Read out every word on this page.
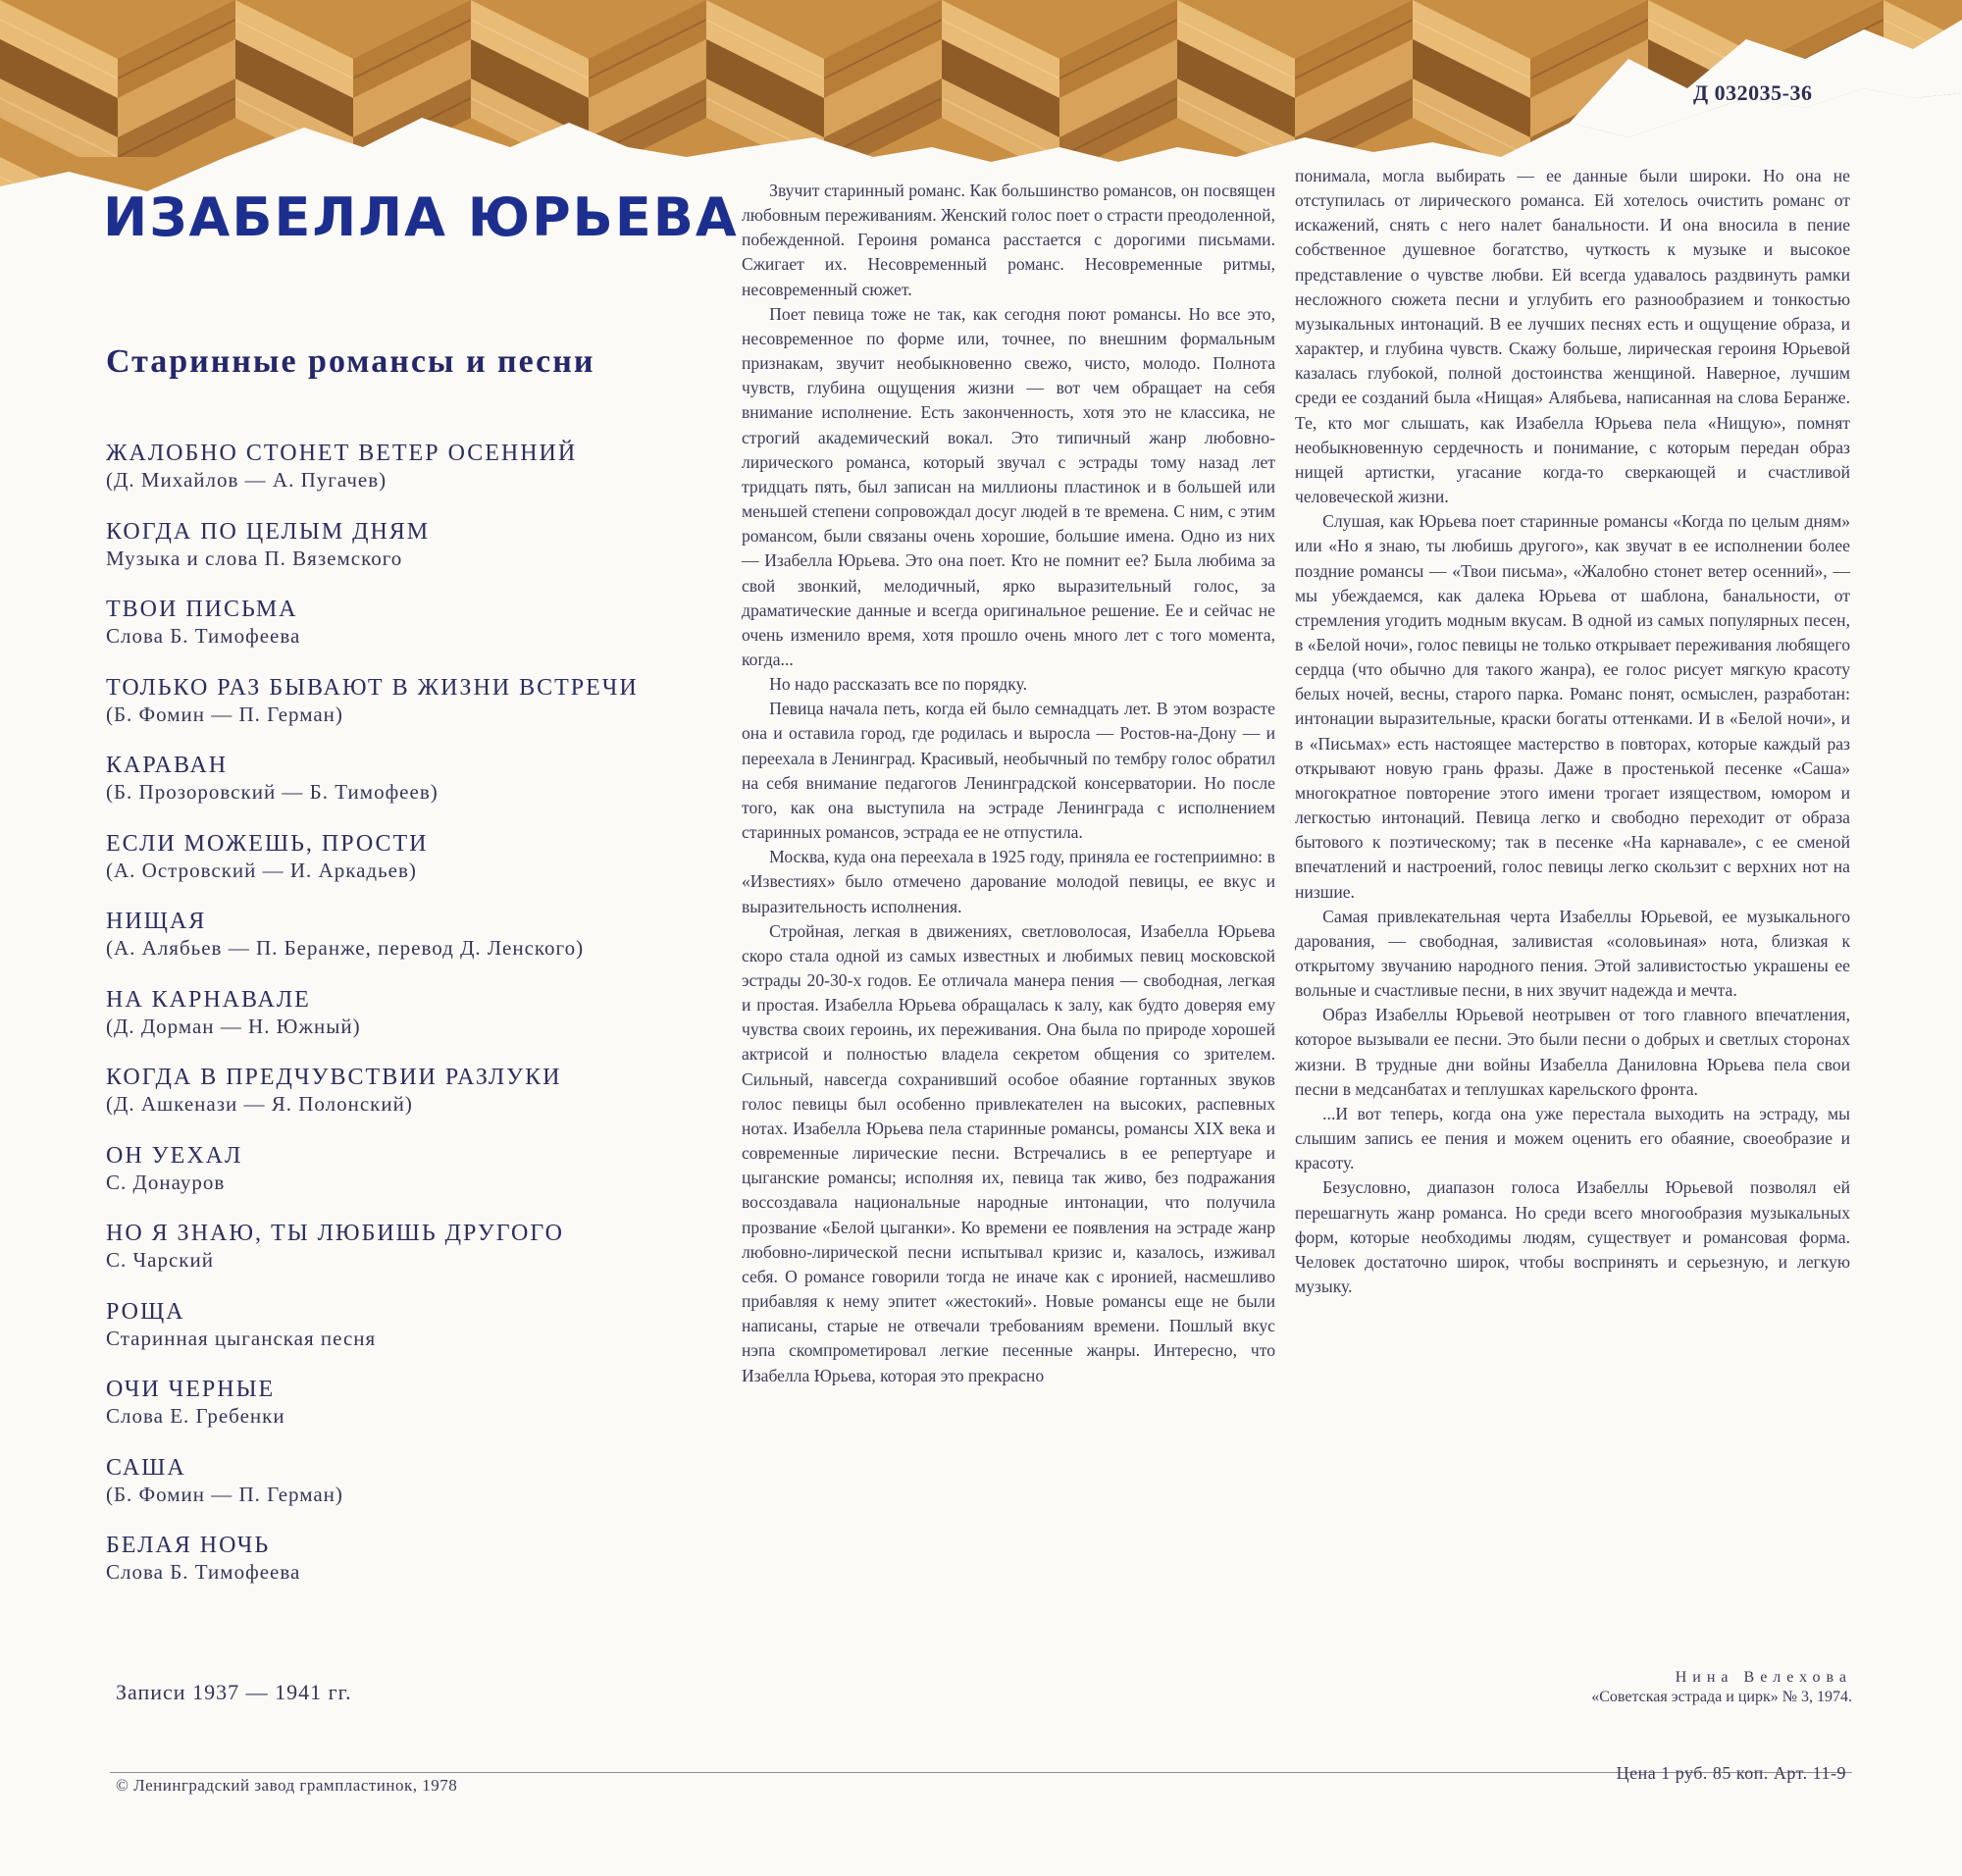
Д 032035-36
ИЗАБЕЛЛА ЮРЬЕВА
Старинные романсы и песни
ЖАЛОБНО СТОНЕТ ВЕТЕР ОСЕННИЙ
(Д. Михайлов — А. Пугачев)
КОГДА ПО ЦЕЛЫМ ДНЯМ
Музыка и слова П. Вяземского
ТВОИ ПИСЬМА
Слова Б. Тимофеева
ТОЛЬКО РАЗ БЫВАЮТ В ЖИЗНИ ВСТРЕЧИ
(Б. Фомин — П. Герман)
КАРАВАН
(Б. Прозоровский — Б. Тимофеев)
ЕСЛИ МОЖЕШЬ, ПРОСТИ
(А. Островский — И. Аркадьев)
НИЩАЯ
(А. Алябьев — П. Беранже, перевод Д. Ленского)
НА КАРНАВАЛЕ
(Д. Дорман — Н. Южный)
КОГДА В ПРЕДЧУВСТВИИ РАЗЛУКИ
(Д. Ашкенази — Я. Полонский)
ОН УЕХАЛ
С. Донауров
НО Я ЗНАЮ, ТЫ ЛЮБИШЬ ДРУГОГО
С. Чарский
РОЩА
Старинная цыганская песня
ОЧИ ЧЕРНЫЕ
Слова Е. Гребенки
САША
(Б. Фомин — П. Герман)
БЕЛАЯ НОЧЬ
Слова Б. Тимофеева
Записи 1937 — 1941 гг.

Звучит старинный романс. Как большинство романсов, он посвящен любовным переживаниям. Женский голос поет о страсти преодоленной, побежденной. Героиня романса расстается с дорогими письмами. Сжигает их. Несовременный романс. Несовременные ритмы, несовременный сюжет.

Поет певица тоже не так, как сегодня поют романсы. Но все это, несовременное по форме или, точнее, по внешним формальным признакам, звучит необыкновенно свежо, чисто, молодо. Полнота чувств, глубина ощущения жизни — вот чем обращает на себя внимание исполнение. Есть законченность, хотя это не классика, не строгий академический вокал. Это типичный жанр любовно-лирического романса, который звучал с эстрады тому назад лет тридцать пять, был записан на миллионы пластинок и в большей или меньшей степени сопровождал досуг людей в те времена. С ним, с этим романсом, были связаны очень хорошие, большие имена. Одно из них — Изабелла Юрьева. Это она поет. Кто не помнит ее? Была любима за свой звонкий, мелодичный, ярко выразительный голос, за драматические данные и всегда оригинальное решение. Ее и сейчас не очень изменило время, хотя прошло очень много лет с того момента, когда...

Но надо рассказать все по порядку.

Певица начала петь, когда ей было семнадцать лет. В этом возрасте она и оставила город, где родилась и выросла — Ростов-на-Дону — и переехала в Ленинград. Красивый, необычный по тембру голос обратил на себя внимание педагогов Ленинградской консерватории. Но после того, как она выступила на эстраде Ленинграда с исполнением старинных романсов, эстрада ее не отпустила.

Москва, куда она переехала в 1925 году, приняла ее гостеприимно: в «Известиях» было отмечено дарование молодой певицы, ее вкус и выразительность исполнения.

Стройная, легкая в движениях, светловолосая, Изабелла Юрьева скоро стала одной из самых известных и любимых певиц московской эстрады 20-30-х годов. Ее отличала манера пения — свободная, легкая и простая. Изабелла Юрьева обращалась к залу, как будто доверяя ему чувства своих героинь, их переживания. Она была по природе хорошей актрисой и полностью владела секретом общения со зрителем. Сильный, навсегда сохранивший особое обаяние гортанных звуков голос певицы был особенно привлекателен на высоких, распевных нотах. Изабелла Юрьева пела старинные романсы, романсы XIX века и современные лирические песни. Встречались в ее репертуаре и цыганские романсы; исполняя их, певица так живо, без подражания воссоздавала национальные народные интонации, что получила прозвание «Белой цыганки». Ко времени ее появления на эстраде жанр любовно-лирической песни испытывал кризис и, казалось, изживал себя. О романсе говорили тогда не иначе как с иронией, насмешливо прибавляя к нему эпитет «жестокий». Новые романсы еще не были написаны, старые не отвечали требованиям времени. Пошлый вкус нэпа скомпрометировал легкие песенные жанры. Интересно, что Изабелла Юрьева, которая это прекрасно

понимала, могла выбирать — ее данные были широки. Но она не отступилась от лирического романса. Ей хотелось очистить романс от искажений, снять с него налет банальности. И она вносила в пение собственное душевное богатство, чуткость к музыке и высокое представление о чувстве любви. Ей всегда удавалось раздвинуть рамки несложного сюжета песни и углубить его разнообразием и тонкостью музыкальных интонаций. В ее лучших песнях есть и ощущение образа, и характер, и глубина чувств. Скажу больше, лирическая героиня Юрьевой казалась глубокой, полной достоинства женщиной. Наверное, лучшим среди ее созданий была «Нищая» Алябьева, написанная на слова Беранже. Те, кто мог слышать, как Изабелла Юрьева пела «Нищую», помнят необыкновенную сердечность и понимание, с которым передан образ нищей артистки, угасание когда-то сверкающей и счастливой человеческой жизни.

Слушая, как Юрьева поет старинные романсы «Когда по целым дням» или «Но я знаю, ты любишь другого», как звучат в ее исполнении более поздние романсы — «Твои письма», «Жалобно стонет ветер осенний», — мы убеждаемся, как далека Юрьева от шаблона, банальности, от стремления угодить модным вкусам. В одной из самых популярных песен, в «Белой ночи», голос певицы не только открывает переживания любящего сердца (что обычно для такого жанра), ее голос рисует мягкую красоту белых ночей, весны, старого парка. Романс понят, осмыслен, разработан: интонации выразительные, краски богаты оттенками. И в «Белой ночи», и в «Письмах» есть настоящее мастерство в повторах, которые каждый раз открывают новую грань фразы. Даже в простенькой песенке «Саша» многократное повторение этого имени трогает изяществом, юмором и легкостью интонаций. Певица легко и свободно переходит от образа бытового к поэтическому; так в песенке «На карнавале», с ее сменой впечатлений и настроений, голос певицы легко скользит с верхних нот на низшие.

Самая привлекательная черта Изабеллы Юрьевой, ее музыкального дарования, — свободная, заливистая «соловьиная» нота, близкая к открытому звучанию народного пения. Этой заливистостью украшены ее вольные и счастливые песни, в них звучит надежда и мечта.

Образ Изабеллы Юрьевой неотрывен от того главного впечатления, которое вызывали ее песни. Это были песни о добрых и светлых сторонах жизни. В трудные дни войны Изабелла Даниловна Юрьева пела свои песни в медсанбатах и теплушках карельского фронта.

...И вот теперь, когда она уже перестала выходить на эстраду, мы слышим запись ее пения и можем оценить его обаяние, своеобразие и красоту.

Безусловно, диапазон голоса Изабеллы Юрьевой позволял ей перешагнуть жанр романса. Но среди всего многообразия музыкальных форм, которые необходимы людям, существует и романсовая форма. Человек достаточно широк, чтобы воспринять и серьезную, и легкую музыку.

Нина Велехова
«Советская эстрада и цирк» № 3, 1974.
© Ленинградский завод грампластинок, 1978
Цена 1 руб. 85 коп. Арт. 11-9
